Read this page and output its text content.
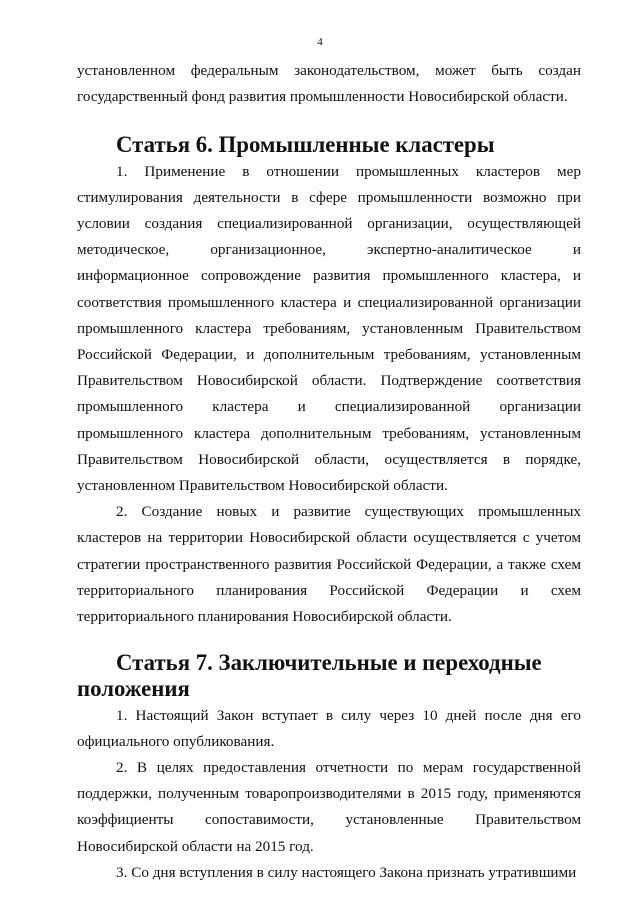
4

установленном федеральным законодательством, может быть создан государственный фонд развития промышленности Новосибирской области.

Статья 6. Промышленные кластеры

1. Применение в отношении промышленных кластеров мер стимулирования деятельности в сфере промышленности возможно при условии создания специализированной организации, осуществляющей методическое, организационное, экспертно-аналитическое и информационное сопровождение развития промышленного кластера, и соответствия промышленного кластера и специализированной организации промышленного кластера требованиям, установленным Правительством Российской Федерации, и дополнительным требованиям, установленным Правительством Новосибирской области. Подтверждение соответствия промышленного кластера и специализированной организации промышленного кластера дополнительным требованиям, установленным Правительством Новосибирской области, осуществляется в порядке, установленном Правительством Новосибирской области.

2. Создание новых и развитие существующих промышленных кластеров на территории Новосибирской области осуществляется с учетом стратегии пространственного развития Российской Федерации, а также схем территориального планирования Российской Федерации и схем территориального планирования Новосибирской области.

Статья 7. Заключительные и переходные положения

1. Настоящий Закон вступает в силу через 10 дней после дня его официального опубликования.

2. В целях предоставления отчетности по мерам государственной поддержки, полученным товаропроизводителями в 2015 году, применяются коэффициенты сопоставимости, установленные Правительством Новосибирской области на 2015 год.

3. Со дня вступления в силу настоящего Закона признать утратившими
